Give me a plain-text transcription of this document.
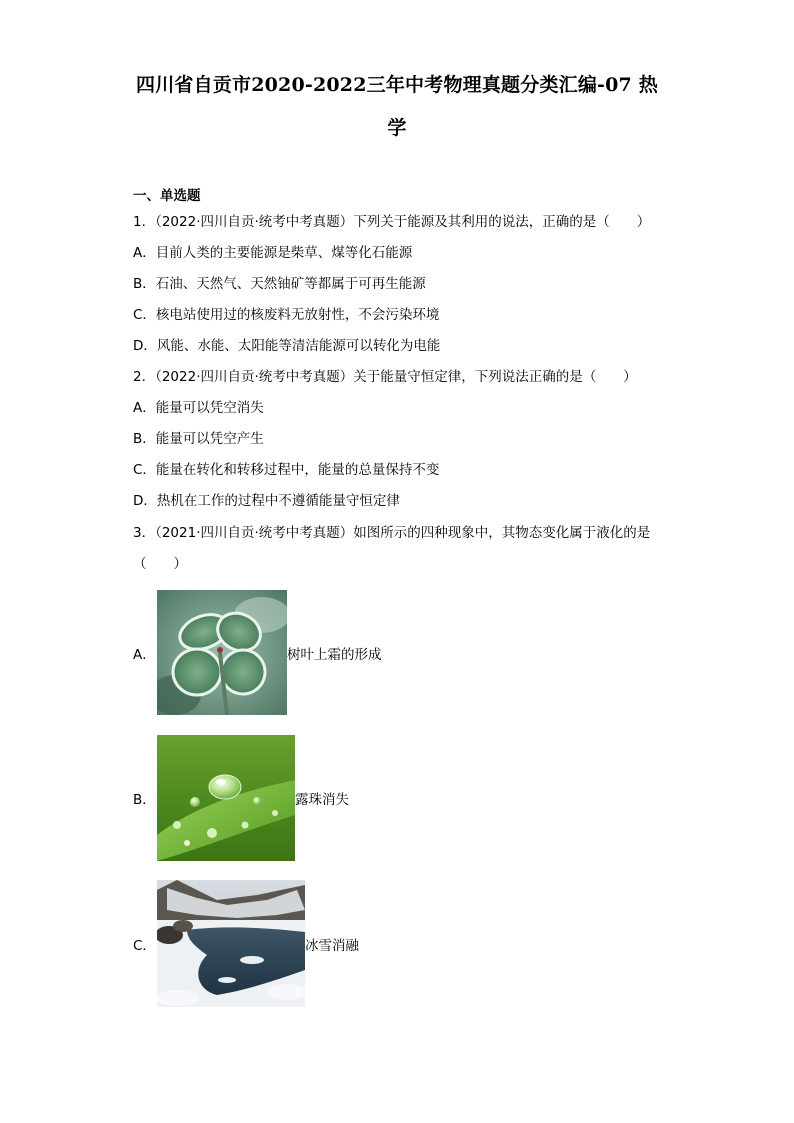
四川省自贡市2020-2022三年中考物理真题分类汇编-07 热
学
一、单选题
1．（2022·四川自贡·统考中考真题）下列关于能源及其利用的说法，正确的是（　　）
A．目前人类的主要能源是柴草、煤等化石能源
B．石油、天然气、天然铀矿等都属于可再生能源
C．核电站使用过的核废料无放射性，不会污染环境
D．风能、水能、太阳能等清洁能源可以转化为电能
2．（2022·四川自贡·统考中考真题）关于能量守恒定律，下列说法正确的是（　　）
A．能量可以凭空消失
B．能量可以凭空产生
C．能量在转化和转移过程中，能量的总量保持不变
D．热机在工作的过程中不遵循能量守恒定律
3．（2021·四川自贡·统考中考真题）如图所示的四种现象中，其物态变化属于液化的是
（　　）
A．	树叶上霜的形成
B．	露珠消失
C．	冰雪消融
